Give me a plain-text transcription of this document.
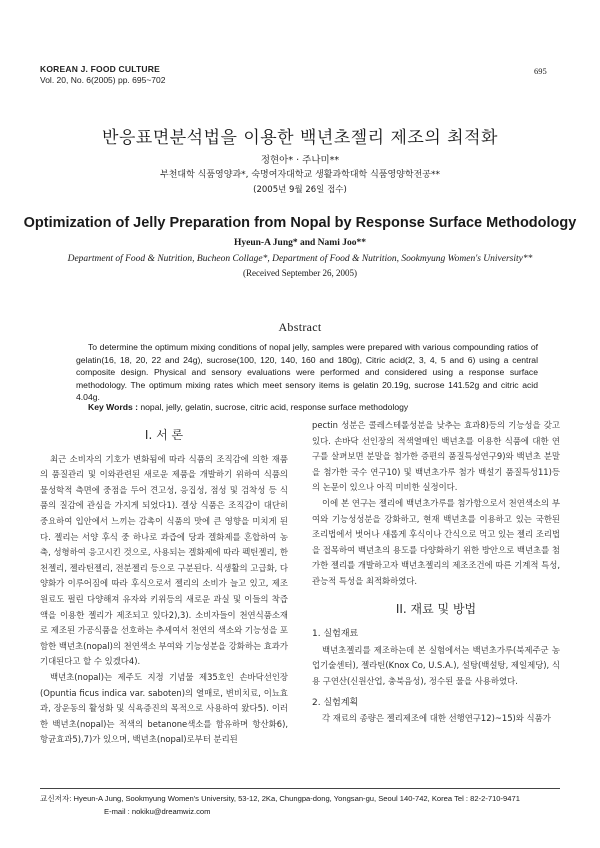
KOREAN J. FOOD CULTURE
Vol. 20, No. 6(2005) pp. 695~702
695
반응표면분석법을 이용한 백년초젤리 제조의 최적화
정현아* · 주나미**
부천대학 식품영양과*, 숙명여자대학교 생활과학대학 식품영양학전공**
(2005년 9월 26일 접수)
Optimization of Jelly Preparation from Nopal by Response Surface Methodology
Hyeun-A Jung* and Nami Joo**
Department of Food & Nutrition, Bucheon Collage*, Department of Food & Nutrition, Sookmyung Women's University**
(Received September 26, 2005)
Abstract
To determine the optimum mixing conditions of nopal jelly, samples were prepared with various compounding ratios of gelatin(16, 18, 20, 22 and 24g), sucrose(100, 120, 140, 160 and 180g), Citric acid(2, 3, 4, 5 and 6) using a central composite design. Physical and sensory evaluations were performed and considered using a response surface methodology. The optimum mixing rates which meet sensory items is gelatin 20.19g, sucrose 141.52g and citric acid 4.04g.
Key Words : nopal, jelly, gelatin, sucrose, citric acid, response surface methodology
I. 서 론

최근 소비자의 기호가 변화됨에 따라 식품의 조직감에 의한 재품의 품질관리 및 이와관련된 새로운 제품을 개발하기 위하여 식품의 물성학적 측면에 중점을 두어 견고성, 응집성, 점성 및 검착성 등 식품의 질감에 관심을 가지게 되었다1). 겔상 식품은 조직감이 대단히 중요하여 입안에서 느끼는 감촉이 식품의 맛에 큰 영향을 미치게 된다. 젤리는 서양 후식 중 하나로 과즙에 당과 겔화제를 혼합하여 농축, 성형하여 응고시킨 것으로, 사용되는 겔화제에 따라 펙틴젤리, 한천젤리, 젤라틴젤리, 전분젤리 등으로 구분된다. 식생활의 고급화, 다양화가 이루어짐에 따라 후식으로서 젤리의 소비가 늘고 있고, 제조원료도 펄린 다양해져 유자와 키위등의 새로운 과실 및 이들의 착즙액을 이용한 젤리가 제조되고 있다2),3). 소비자들이 천연식품소재로 제조된 가공식품을 선호하는 추세여서 천연의 색소와 기능성을 포함한 백년초(nopal)의 천연색소 부여와 기능성분을 강화하는 효과가 기대된다고 할 수 있겠다4).

백년초(nopal)는 제주도 지정 기념물 제35호인 손바닥선인장 (Opuntia ficus indica var. saboten)의 열매로, 변비치료, 이뇨효과, 장운동의 활성화 및 식욕증진의 목적으로 사용하여 왔다5). 이러한 백년초(nopal)는 적색의 betanone색소를 함유하며 항산화6), 항균효과5),7)가 있으며, 백년초(nopal)로부터 분리된

pectin 성분은 콜레스테롤성분을 낮추는 효과8)등의 기능성을 갖고 있다. 손바닥 선인장의 적색열매인 백년초를 이용한 식품에 대한 연구를 살펴보면 분말을 첨가한 증편의 품질특성연구9)와 백년초 분말을 첨가한 국수 연구10) 및 백년초가루 첨가 백설기 품질특성11)등의 논문이 있으나 아직 미비한 실정이다.

이에 본 연구는 젤리에 백년초가루를 첨가함으로서 천연색소의 부여와 기능성성분을 강화하고, 현재 백년초를 이용하고 있는 국한된 조리법에서 벗어나 새롭게 후식이나 간식으로 먹고 있는 젤리 조리법을 접목하여 백년초의 용도를 다양화하기 위한 방안으로 백년초를 첨가한 젤리를 개발하고자 백년초젤리의 제조조건에 따른 기계적 특성, 관능적 특성을 최적화하였다.

II. 재료 및 방법
1. 실험재료

백년초젤리를 제조하는데 본 실험에서는 백년초가루(북제주군 농업기술센터), 젤라틴(Knox Co, U.S.A.), 설탕(백설탕, 제일제당), 식용 구연산(신원산업, 충북음성), 정수된 물을 사용하였다.

2. 실험계획

각 재료의 종량은 젤리제조에 대한 선행연구12)~15)와 식품가

교신저자: Hyeun-A Jung, Sookmyung Women's University, 53-12, 2Ka, Chungpa-dong, Yongsan-gu, Seoul 140-742, Korea Tel : 82-2-710-9471
E-mail : nokiku@dreamwiz.com
